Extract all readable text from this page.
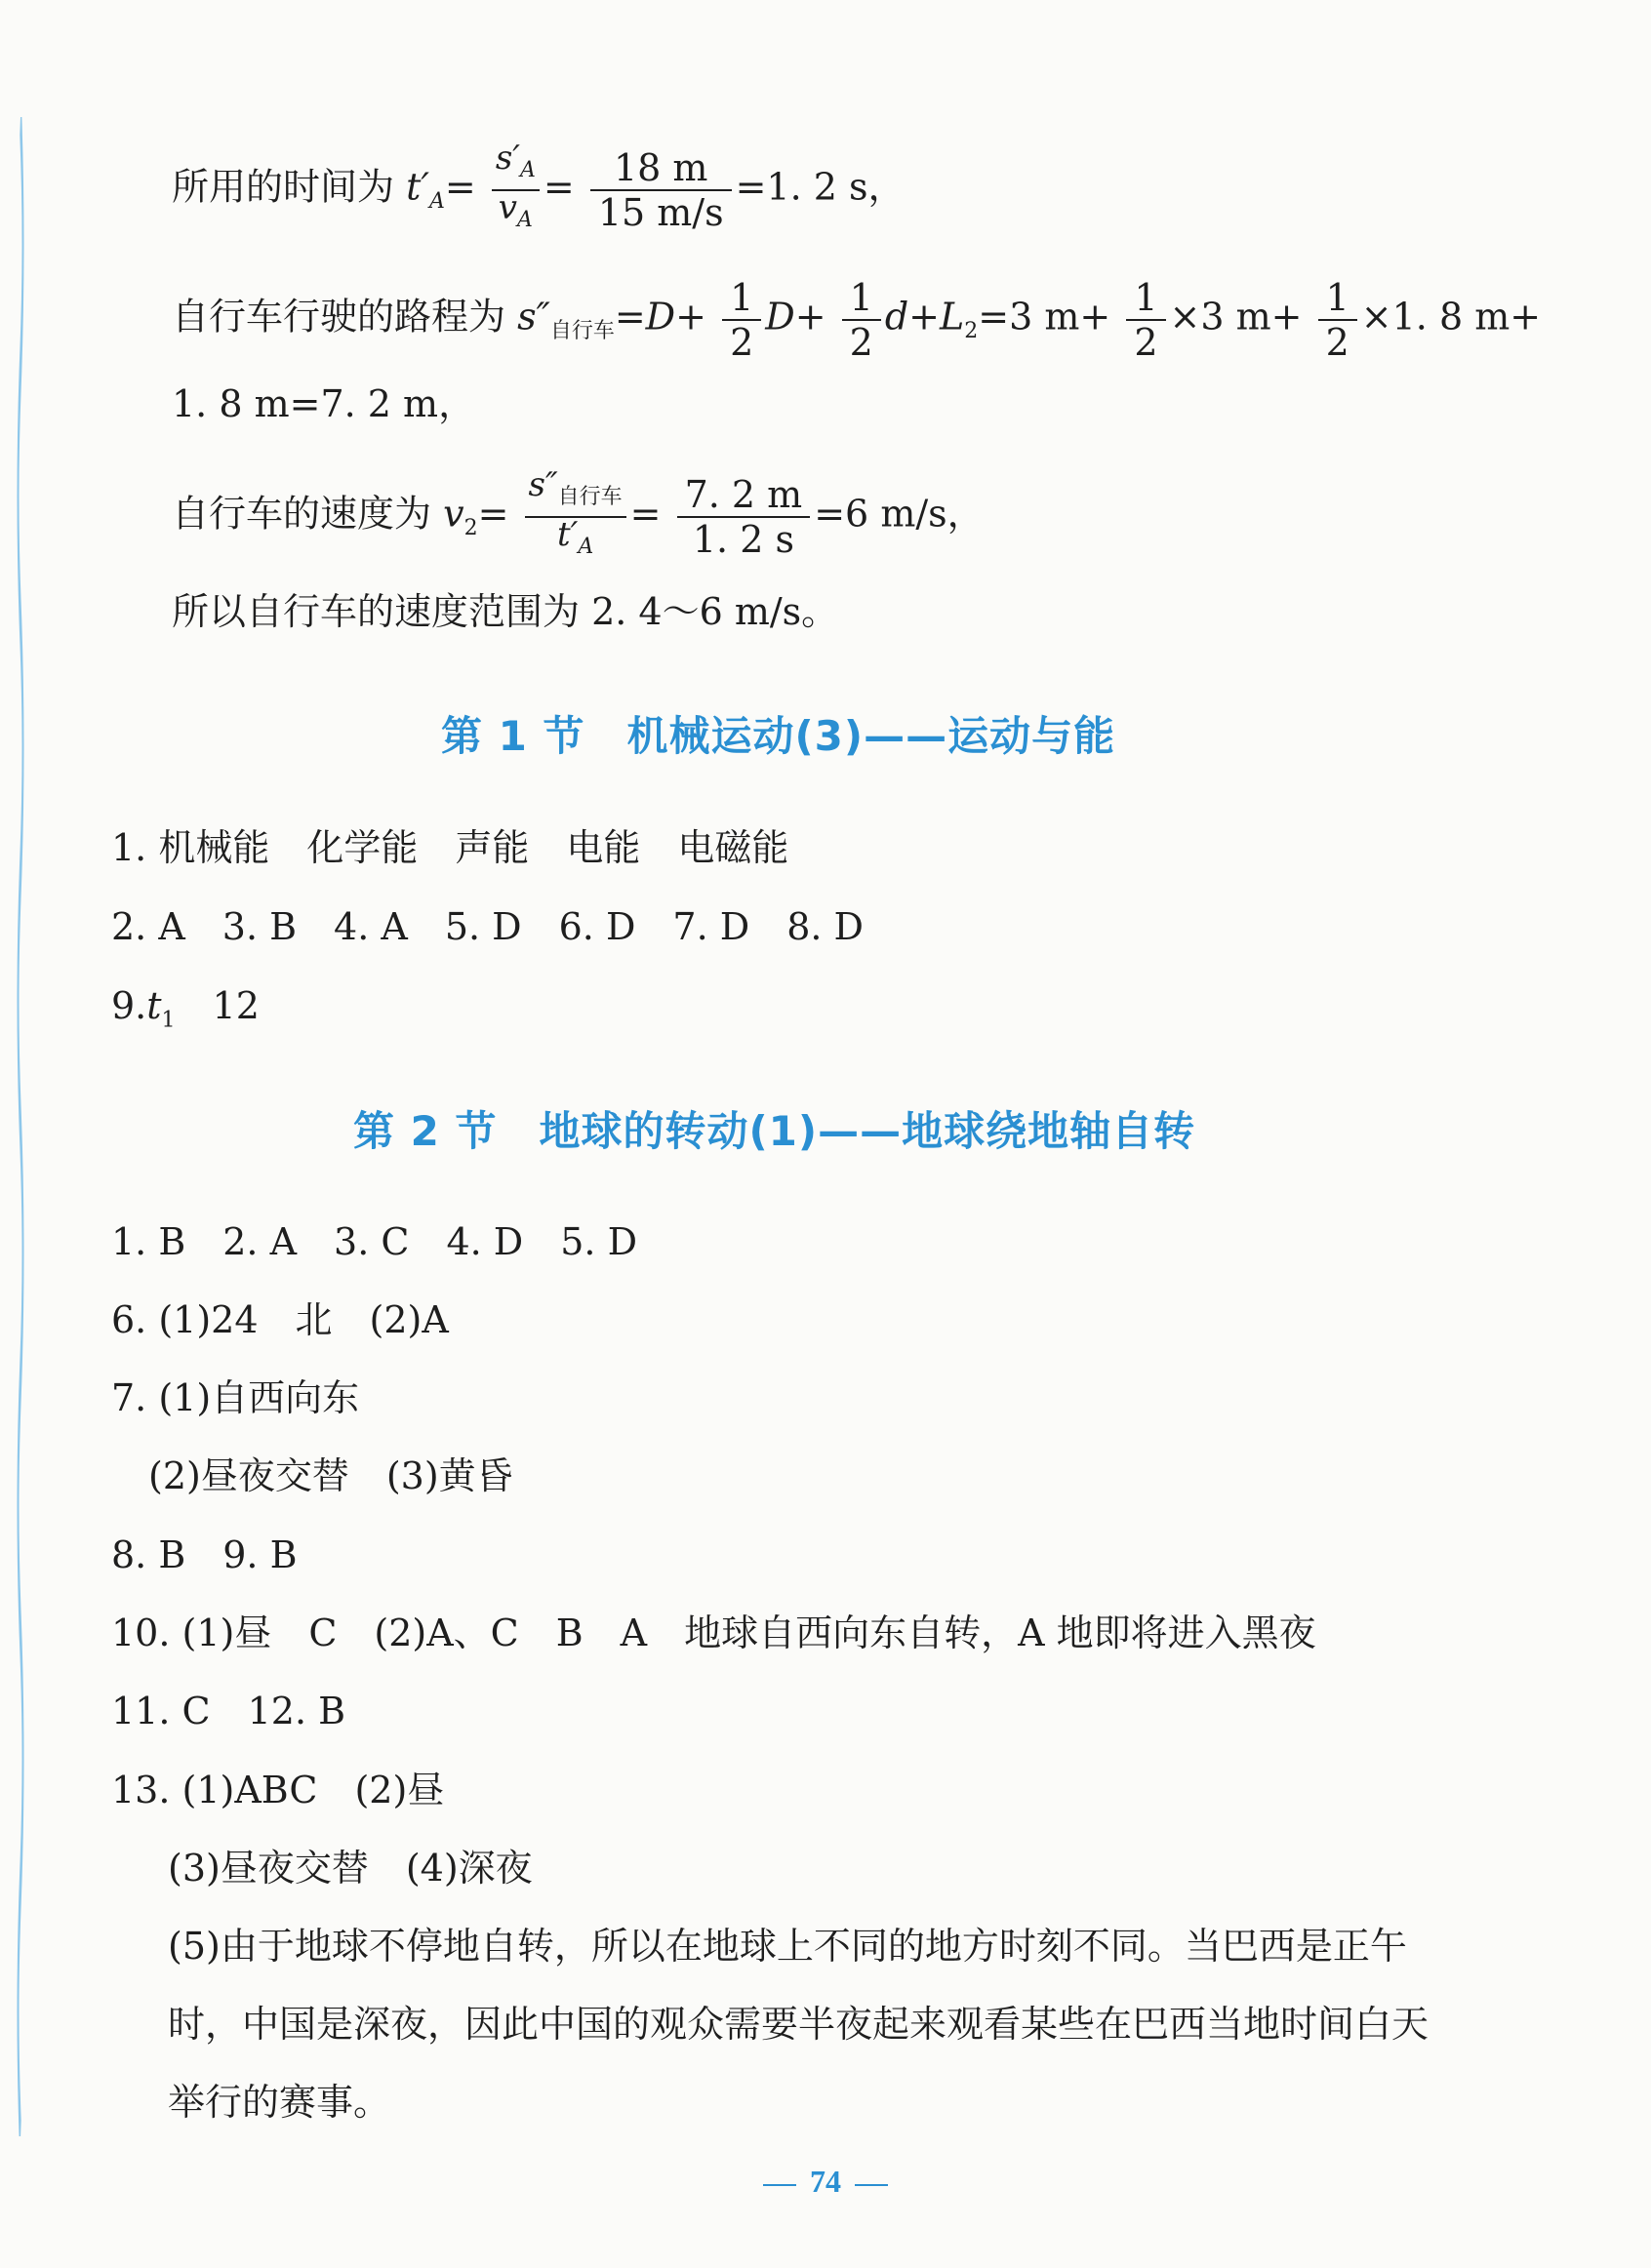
所用的时间为 $t'_A= \frac{s'_A}{v_A} = \frac{18 m}{15 m/s} =1$. 2 s，
自行车行驶的路程为 $s''_{自行车}=D+ \frac{1}{2} D+ \frac{1}{2} d+L_2=3$ $m+ \frac{1}{2} \times 3$ $m+ \frac{1}{2} \times 1$. 8 m+
1. 8 m=7. 2 m，
自行车的速度为 $v_2= \frac{s''_{自行车}}{t'_A} = \frac{7. 2 m}{1. 2 s} =6$ m/s，
所以自行车的速度范围为 2. 4～6 m/s。
第 1 节　机械运动(3)——运动与能
1. 机械能　化学能　声能　电能　电磁能
2. A　3. B　4. A　5. D　6. D　7. D　8. D
$9.t_1$　12
第 2 节　地球的转动(1)——地球绕地轴自转
1. B　2. A　3. C　4. D　5. D
6. (1)24　北　(2)A
7. (1)自西向东
(2)昼夜交替　(3)黄昏
8. B　9. B
10. (1)昼　C　(2)A、C　B　A　地球自西向东自转，A 地即将进入黑夜
11. C　12. B
13. (1)ABC　(2)昼
(3)昼夜交替　(4)深夜
(5)由于地球不停地自转，所以在地球上不同的地方时刻不同。当巴西是正午
时，中国是深夜，因此中国的观众需要半夜起来观看某些在巴西当地时间白天
举行的赛事。
74
